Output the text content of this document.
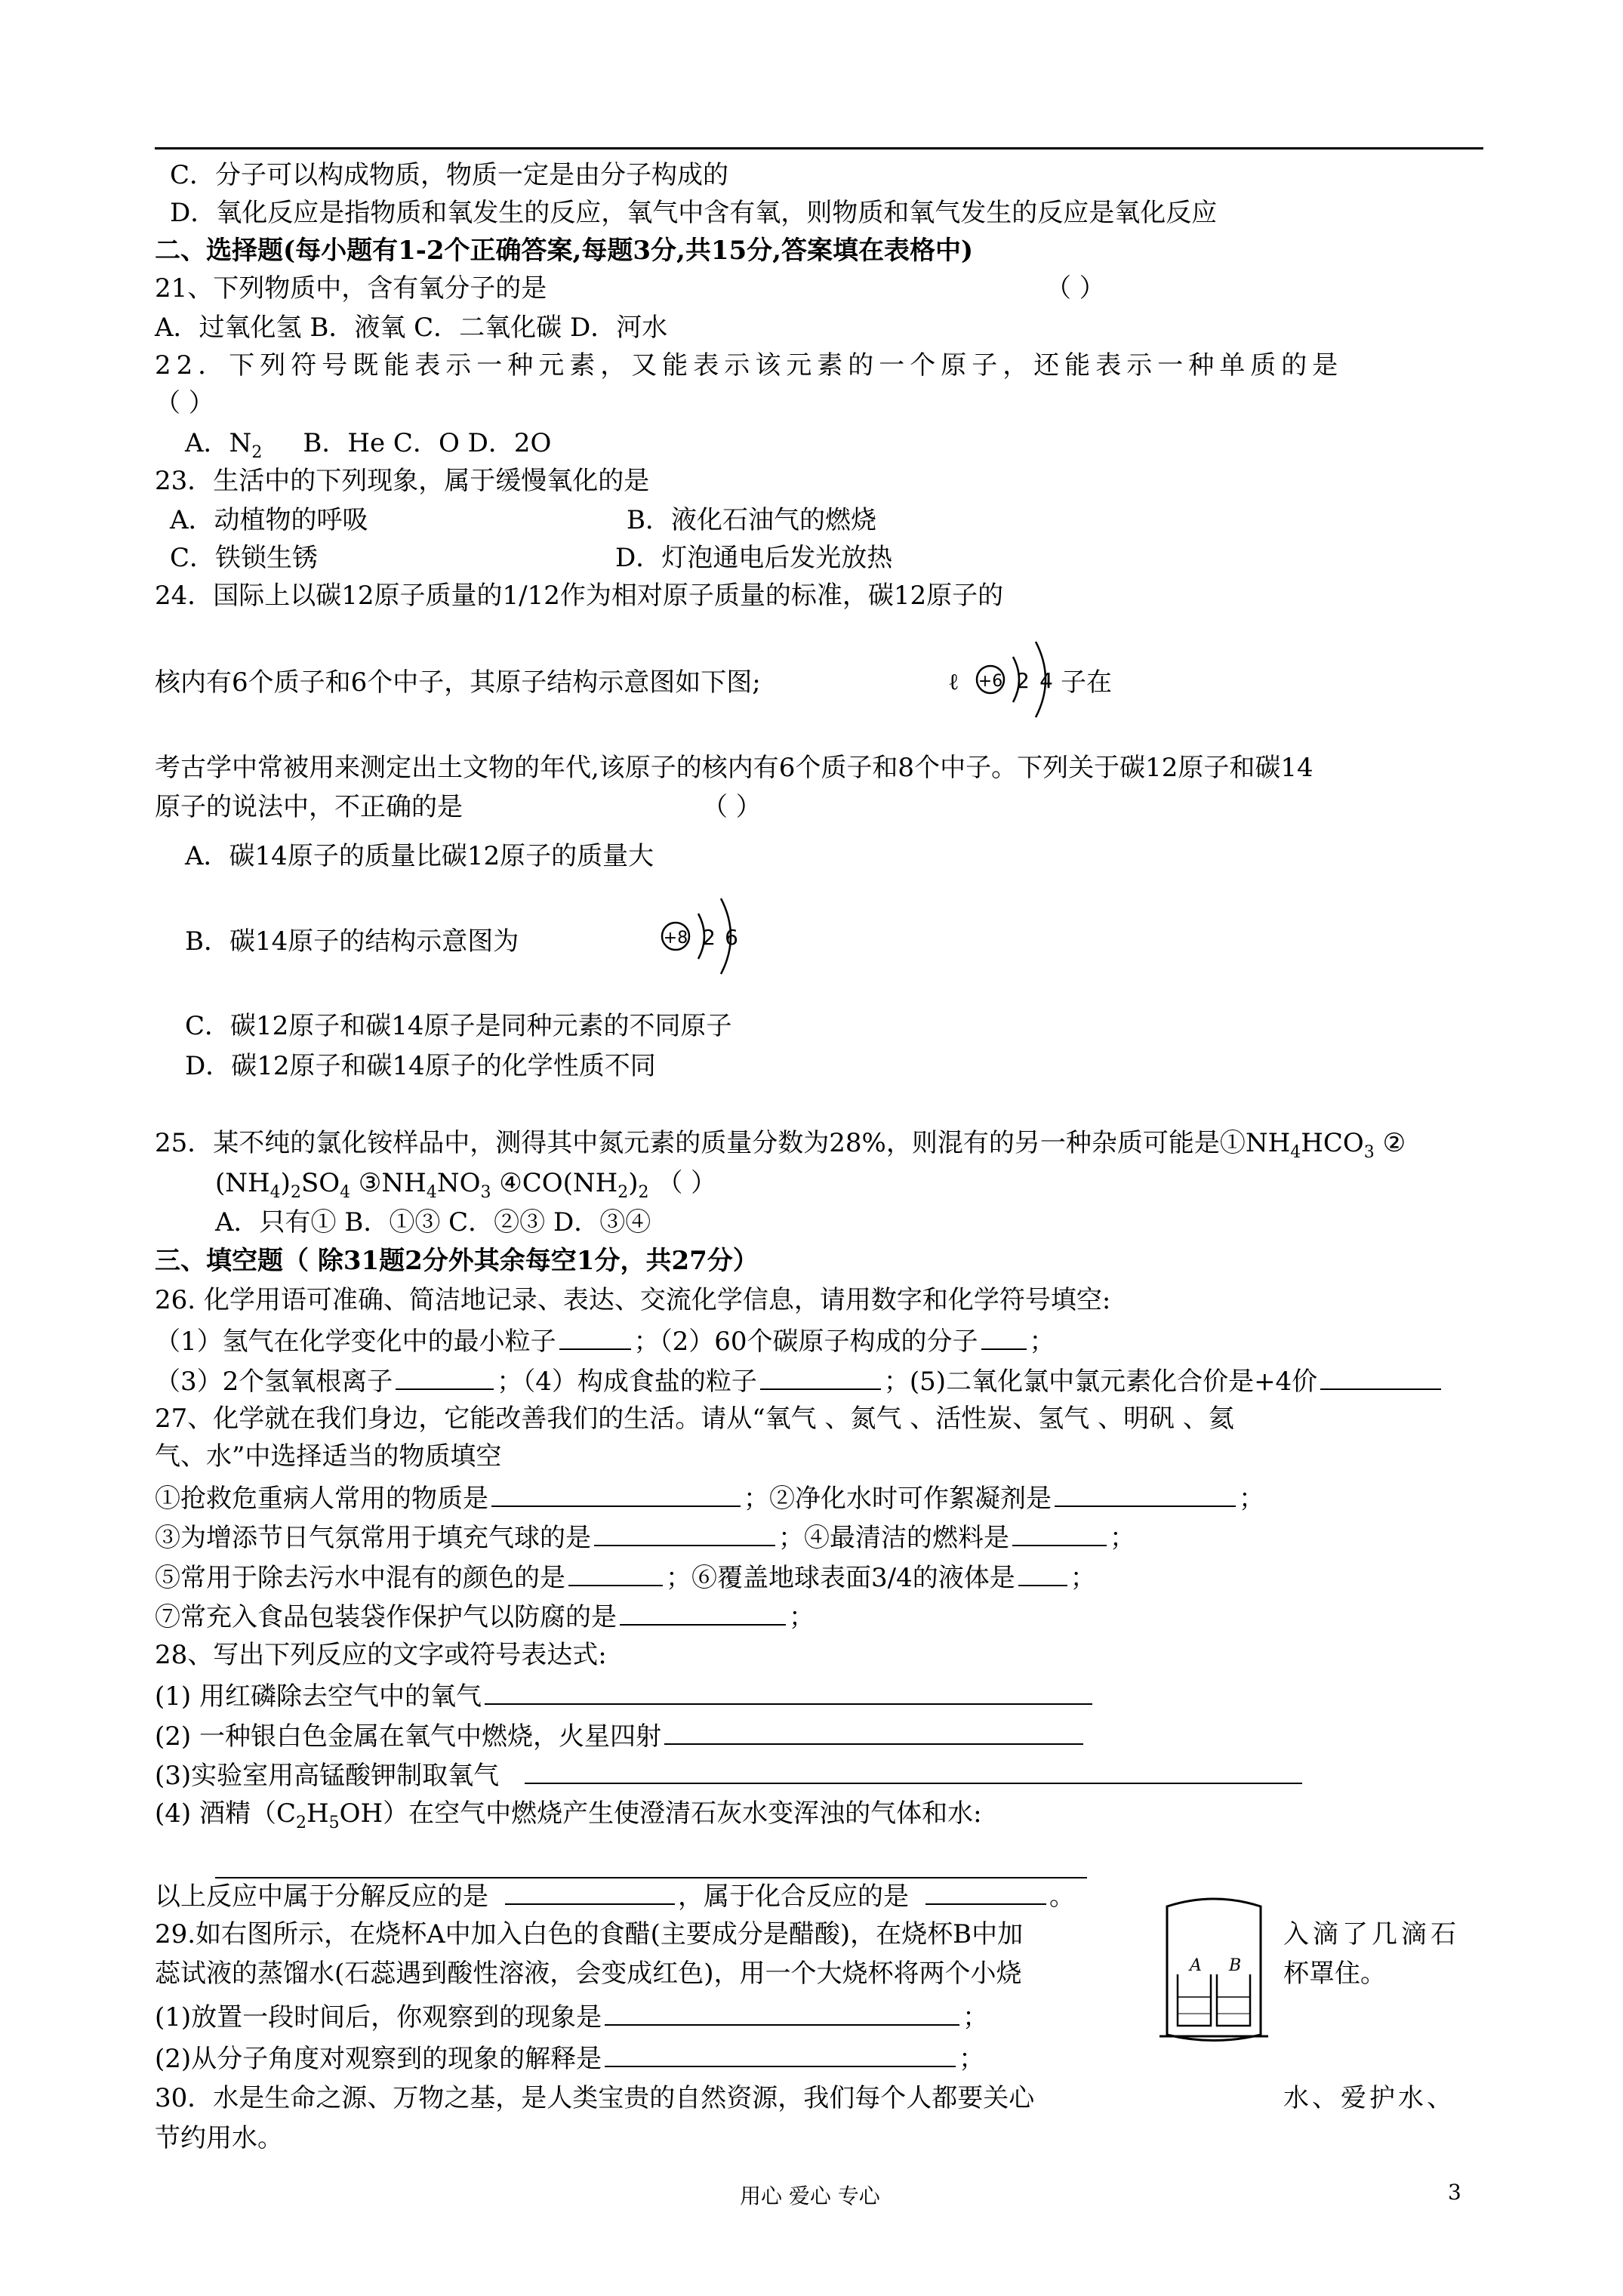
C．分子可以构成物质，物质一定是由分子构成的
D．氧化反应是指物质和氧发生的反应，氧气中含有氧，则物质和氧气发生的反应是氧化反应
二、选择题(每小题有1-2个正确答案,每题3分,共15分,答案填在表格中)
21、下列物质中，含有氧分子的是	（ ）
A．过氧化氢 B．液氧 C．二氧化碳 D．河水
22．下列符号既能表示一种元素，又能表示该元素的一个原子，还能表示一种单质的是
（ ）
A．$N_2$ B．He C．O D．2O
23．生活中的下列现象，属于缓慢氧化的是
A．动植物的呼吸	B．液化石油气的燃烧
C．铁锁生锈	D．灯泡通电后发光放热
24．国际上以碳12原子质量的1/12作为相对原子质量的标准，碳12原子的
核内有6个质子和6个中子，其原子结构示意图如下图;	ℓ +6 2 4 子在
考古学中常被用来测定出土文物的年代,该原子的核内有6个质子和8个中子。下列关于碳12原子和碳14
原子的说法中，不正确的是	（ ）
A．碳14原子的质量比碳12原子的质量大
B．碳14原子的结构示意图为	+8 2 6
C．碳12原子和碳14原子是同种元素的不同原子
D．碳12原子和碳14原子的化学性质不同
25．某不纯的氯化铵样品中，测得其中氮元素的质量分数为28%，则混有的另一种杂质可能是$①NH_4HCO_3$ ②
$(NH_4)_2SO_4$ $③NH_4NO_3$ $④CO(NH_2)_2$ （ ）
A．只有① B．①③ C．②③ D．③④
三、填空题（ 除31题2分外其余每空1分，共27分）
26. 化学用语可准确、简洁地记录、表达、交流化学信息，请用数字和化学符号填空:
（1）氢气在化学变化中的最小粒子	；（2）60个碳原子构成的分子 ；
（3）2个氢氧根离子	；（4）构成食盐的粒子	；(5)二氧化氯中氯元素化合价是+4价
27、化学就在我们身边，它能改善我们的生活。请从“氧气 、氮气 、活性炭、氢气 、明矾 、氦
气、水”中选择适当的物质填空
①抢救危重病人常用的物质是	；②净化水时可作絮凝剂是	；
③为增添节日气氛常用于填充气球的是	；④最清洁的燃料是	；
⑤常用于除去污水中混有的颜色的是	；⑥覆盖地球表面3/4的液体是 ；
⑦常充入食品包装袋作保护气以防腐的是	；
28、写出下列反应的文字或符号表达式:
(1) 用红磷除去空气中的氧气
(2) 一种银白色金属在氧气中燃烧，火星四射
(3)实验室用高锰酸钾制取氧气
(4) 酒精$(C_2H_5OH)$在空气中燃烧产生使澄清石灰水变浑浊的气体和水:
以上反应中属于分解反应的是	，属于化合反应的是	。
29.如右图所示，在烧杯A中加入白色的食醋(主要成分是醋酸)，在烧杯B中加	入滴了几滴石
蕊试液的蒸馏水(石蕊遇到酸性溶液，会变成红色)，用一个大烧杯将两个小烧	杯罩住。
(1)放置一段时间后，你观察到的现象是	；
(2)从分子角度对观察到的现象的解释是	；
A B
30．水是生命之源、万物之基，是人类宝贵的自然资源，我们每个人都要关心	水、爱护水、
节约用水。
用心 爱心 专心	3
